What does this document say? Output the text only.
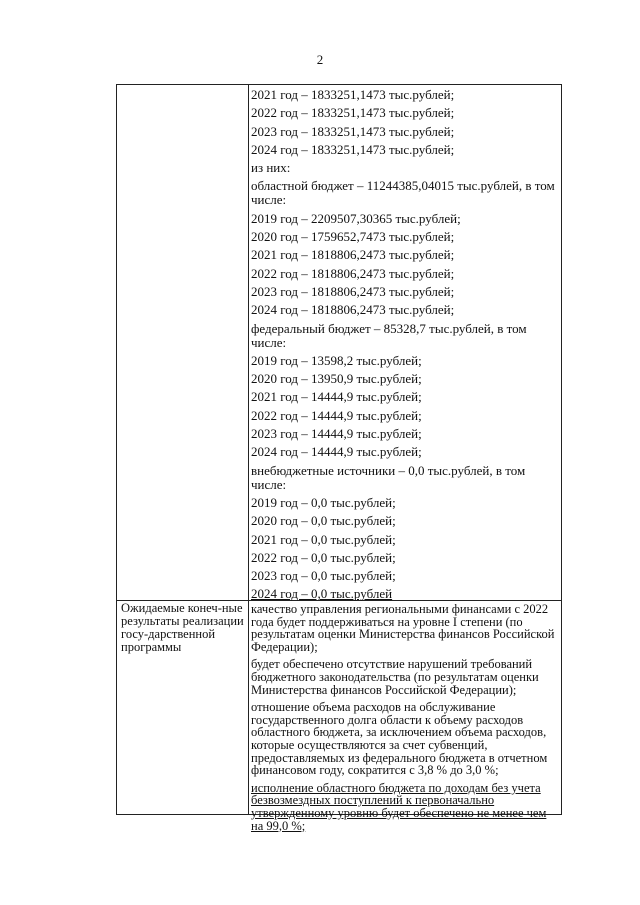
2
Ожидаемые конеч-ные результаты реализации госу-дарственной программы
2021 год – 1833251,1473 тыс.рублей;
2022 год – 1833251,1473 тыс.рублей;
2023 год – 1833251,1473 тыс.рублей;
2024 год – 1833251,1473 тыс.рублей;
из них:
областной бюджет – 11244385,04015 тыс.рублей, в том числе:
2019 год – 2209507,30365 тыс.рублей;
2020 год – 1759652,7473 тыс.рублей;
2021 год – 1818806,2473 тыс.рублей;
2022 год – 1818806,2473 тыс.рублей;
2023 год – 1818806,2473 тыс.рублей;
2024 год – 1818806,2473 тыс.рублей;
федеральный бюджет – 85328,7 тыс.рублей, в том числе:
2019 год – 13598,2 тыс.рублей;
2020 год – 13950,9 тыс.рублей;
2021 год – 14444,9 тыс.рублей;
2022 год – 14444,9 тыс.рублей;
2023 год – 14444,9 тыс.рублей;
2024 год – 14444,9 тыс.рублей;
внебюджетные источники – 0,0 тыс.рублей, в том числе:
2019 год – 0,0 тыс.рублей;
2020 год – 0,0 тыс.рублей;
2021 год – 0,0 тыс.рублей;
2022 год – 0,0 тыс.рублей;
2023 год – 0,0 тыс.рублей;
2024 год – 0,0 тыс.рублей
качество управления региональными финансами с 2022 года будет поддерживаться на уровне I степени (по результатам оценки Министерства финансов Российской Федерации);
будет обеспечено отсутствие нарушений требований бюджетного законодательства (по результатам оценки Министерства финансов Российской Федерации);
отношение объема расходов на обслуживание государственного долга области к объему расходов областного бюджета, за исключением объема расходов, которые осуществляются за счет субвенций, предоставляемых из федерального бюджета в отчетном финансовом году, сократится с 3,8 % до 3,0 %;
исполнение областного бюджета по доходам без учета безвозмездных поступлений к первоначально утвержденному уровню будет обеспечено не менее чем на 99,0 %;
